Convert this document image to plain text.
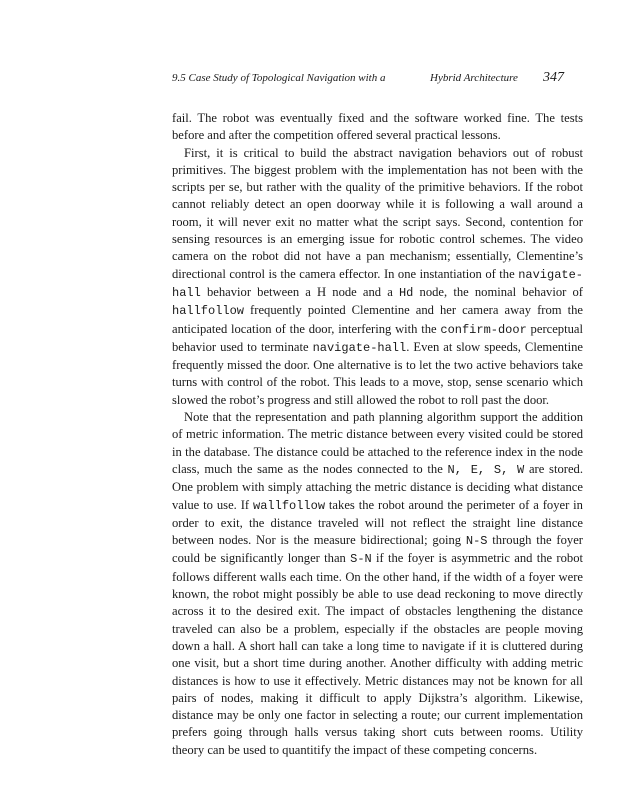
9.5 Case Study of Topological Navigation with a	Hybrid Architecture 347

fail. The robot was eventually fixed and the software worked fine. The tests before and after the competition offered several practical lessons.

First, it is critical to build the abstract navigation behaviors out of robust primitives. The biggest problem with the implementation has not been with the scripts per se, but rather with the quality of the primitive behaviors. If the robot cannot reliably detect an open doorway while it is following a wall around a room, it will never exit no matter what the script says. Second, contention for sensing resources is an emerging issue for robotic control schemes. The video camera on the robot did not have a pan mechanism; essentially, Clementine’s directional control is the camera effector. In one instantiation of the navigate-hall behavior between a H node and a Hd node, the nominal behavior of hallfollow frequently pointed Clementine and her camera away from the anticipated location of the door, interfering with the confirm-door perceptual behavior used to terminate navigate-hall. Even at slow speeds, Clementine frequently missed the door. One alternative is to let the two active behaviors take turns with control of the robot. This leads to a move, stop, sense scenario which slowed the robot’s progress and still allowed the robot to roll past the door.

Note that the representation and path planning algorithm support the addition of metric information. The metric distance between every visited could be stored in the database. The distance could be attached to the reference index in the node class, much the same as the nodes connected to the N, E, S, W are stored. One problem with simply attaching the metric distance is deciding what distance value to use. If wallfollow takes the robot around the perimeter of a foyer in order to exit, the distance traveled will not reflect the straight line distance between nodes. Nor is the measure bidirectional; going N-S through the foyer could be significantly longer than S-N if the foyer is asymmetric and the robot follows different walls each time. On the other hand, if the width of a foyer were known, the robot might possibly be able to use dead reckoning to move directly across it to the desired exit. The impact of obstacles lengthening the distance traveled can also be a problem, especially if the obstacles are people moving down a hall. A short hall can take a long time to navigate if it is cluttered during one visit, but a short time during another. Another difficulty with adding metric distances is how to use it effectively. Metric distances may not be known for all pairs of nodes, making it difficult to apply Dijkstra’s algorithm. Likewise, distance may be only one factor in selecting a route; our current implementation prefers going through halls versus taking short cuts between rooms. Utility theory can be used to quantitify the impact of these competing concerns.
